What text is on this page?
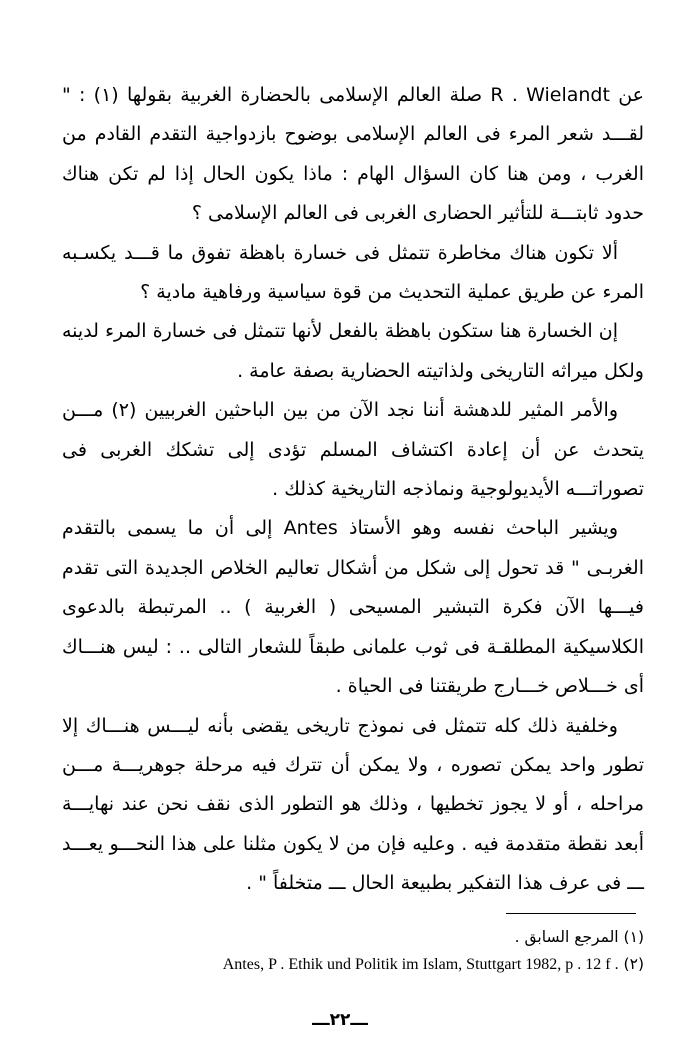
عن R . Wielandt صلة العالم الإسلامى بالحضارة الغربية بقولها (١) : " لقـــد شعر المرء فى العالم الإسلامى بوضوح بازدواجية التقدم القادم من الغرب ، ومن هنا كان السؤال الهام : ماذا يكون الحال إذا لم تكن هناك حدود ثابتـــة للتأثير الحضارى الغربى فى العالم الإسلامى ؟

ألا تكون هناك مخاطرة تتمثل فى خسارة باهظة تفوق ما قـــد يكسـبه المرء عن طريق عملية التحديث من قوة سياسية ورفاهية مادية ؟

إن الخسارة هنا ستكون باهظة بالفعل لأنها تتمثل فى خسارة المرء لدينه ولكل ميراثه التاريخى ولذاتيته الحضارية بصفة عامة .

والأمر المثير للدهشة أننا نجد الآن من بين الباحثين الغربيين (٢) مـــن يتحدث عن أن إعادة اكتشاف المسلم تؤدى إلى تشكك الغربى فى تصوراتـــه الأيديولوجية ونماذجه التاريخية كذلك .

ويشير الباحث نفسه وهو الأستاذ Antes إلى أن ما يسمى بالتقدم الغربـى " قد تحول إلى شكل من أشكال تعاليم الخلاص الجديدة التى تقدم فيـــها الآن فكرة التبشير المسيحى ( الغربية ) .. المرتبطة بالدعوى الكلاسيكية المطلقـة فى ثوب علمانى طبقاً للشعار التالى .. : ليس هنـــاك أى خـــلاص خـــارج طريقتنا فى الحياة .

وخلفية ذلك كله تتمثل فى نموذج تاريخى يقضى بأنه ليـــس هنـــاك إلا تطور واحد يمكن تصوره ، ولا يمكن أن تترك فيه مرحلة جوهريـــة مـــن مراحله ، أو لا يجوز تخطيها ، وذلك هو التطور الذى نقف نحن عند نهايـــة أبعد نقطة متقدمة فيه . وعليه فإن من لا يكون مثلنا على هذا النحـــو يعـــد ـــ فى عرف هذا التفكير بطبيعة الحال ـــ متخلفاً " .

(١) المرجع السابق .

(٢) Antes, P . Ethik und Politik im Islam, Stuttgart 1982, p . 12 f .

ـــ٢٢ـــ
